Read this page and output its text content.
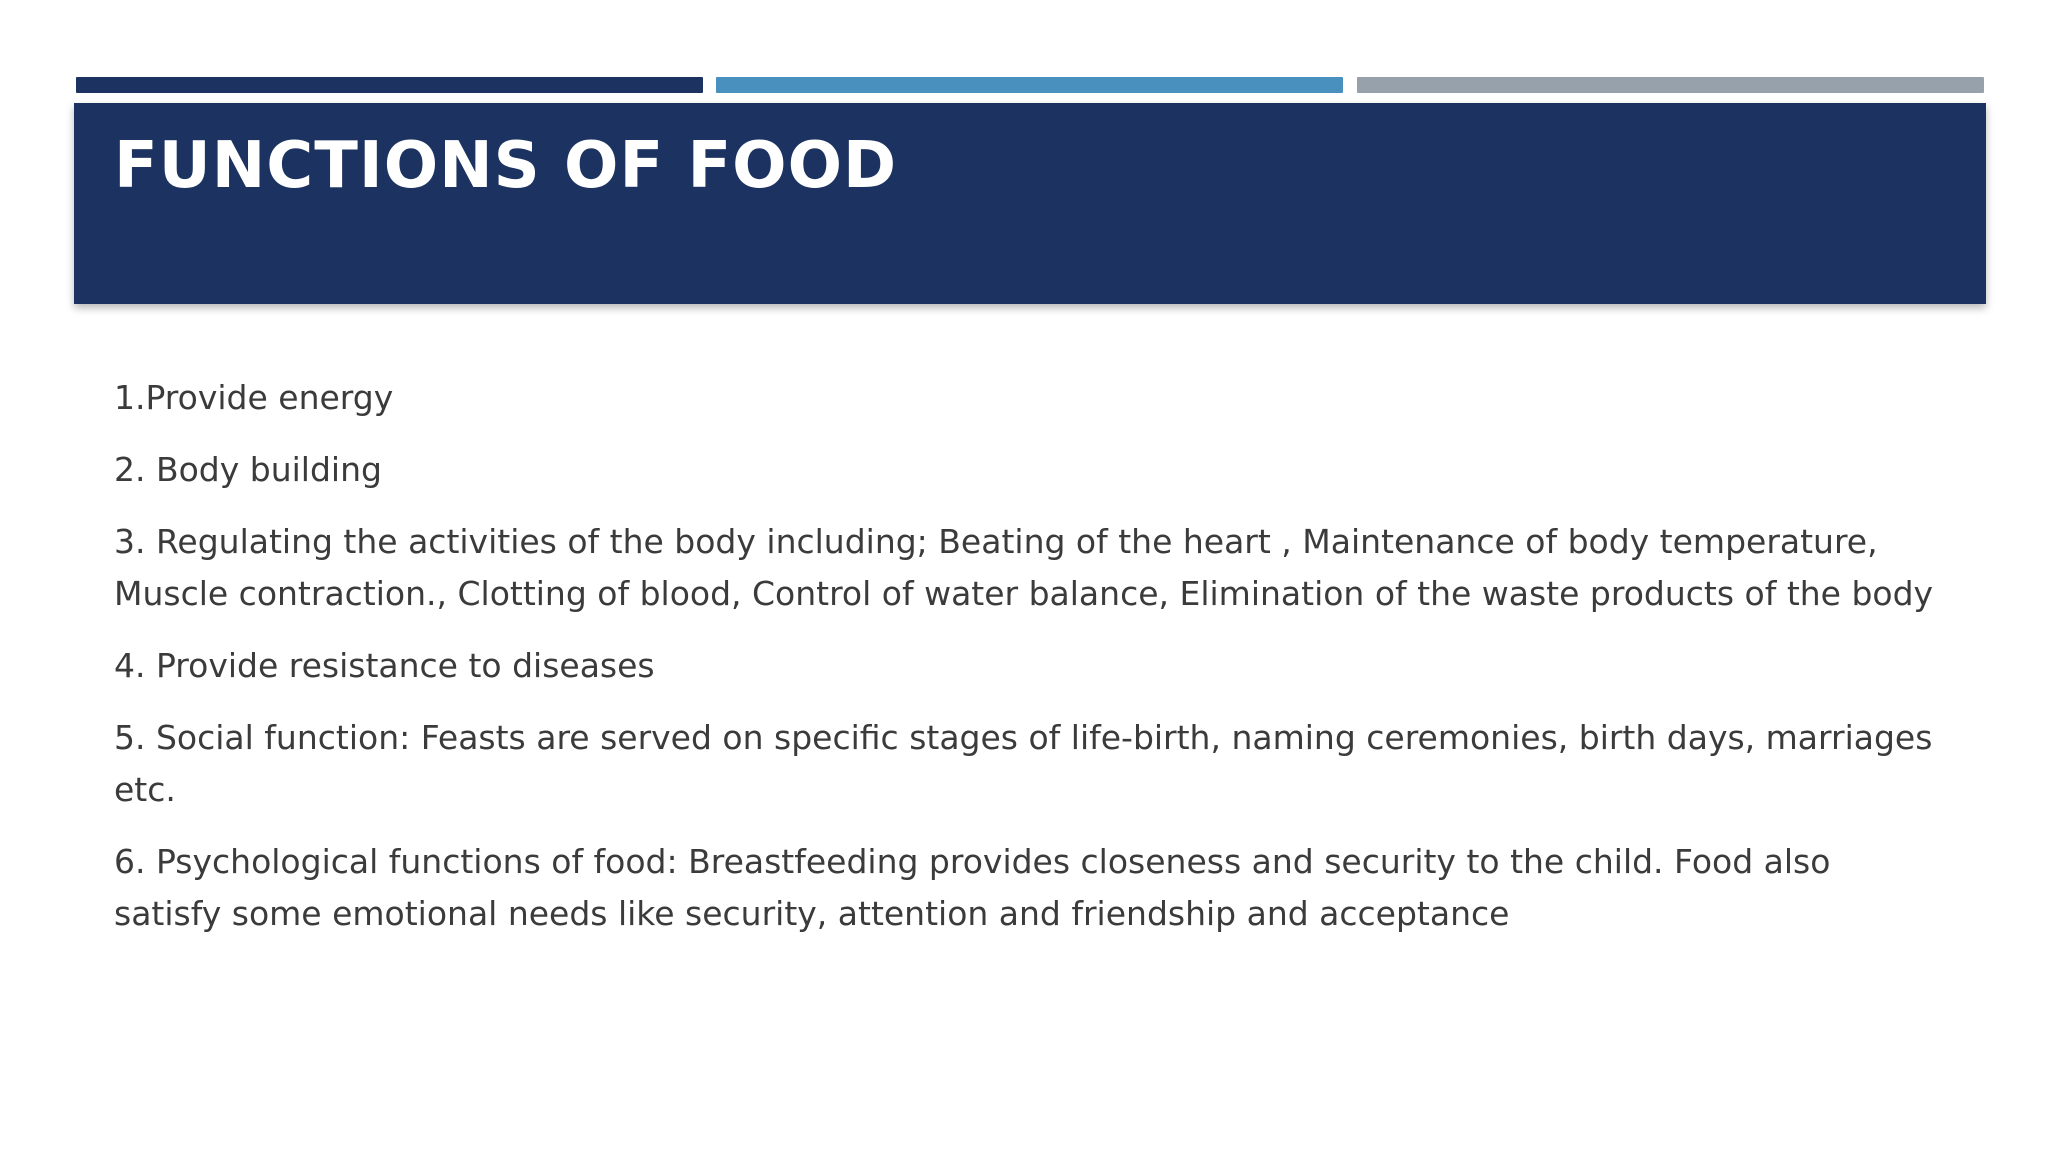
FUNCTIONS OF FOOD

1.Provide energy

2. Body building

3. Regulating the activities of the body including; Beating of the heart , Maintenance of body temperature, Muscle contraction., Clotting of blood, Control of water balance, Elimination of the waste products of the body

4. Provide resistance to diseases

5. Social function: Feasts are served on specific stages of life-birth, naming ceremonies, birth days, marriages etc.

6. Psychological functions of food: Breastfeeding provides closeness and security to the child. Food also satisfy some emotional needs like security, attention and friendship and acceptance
